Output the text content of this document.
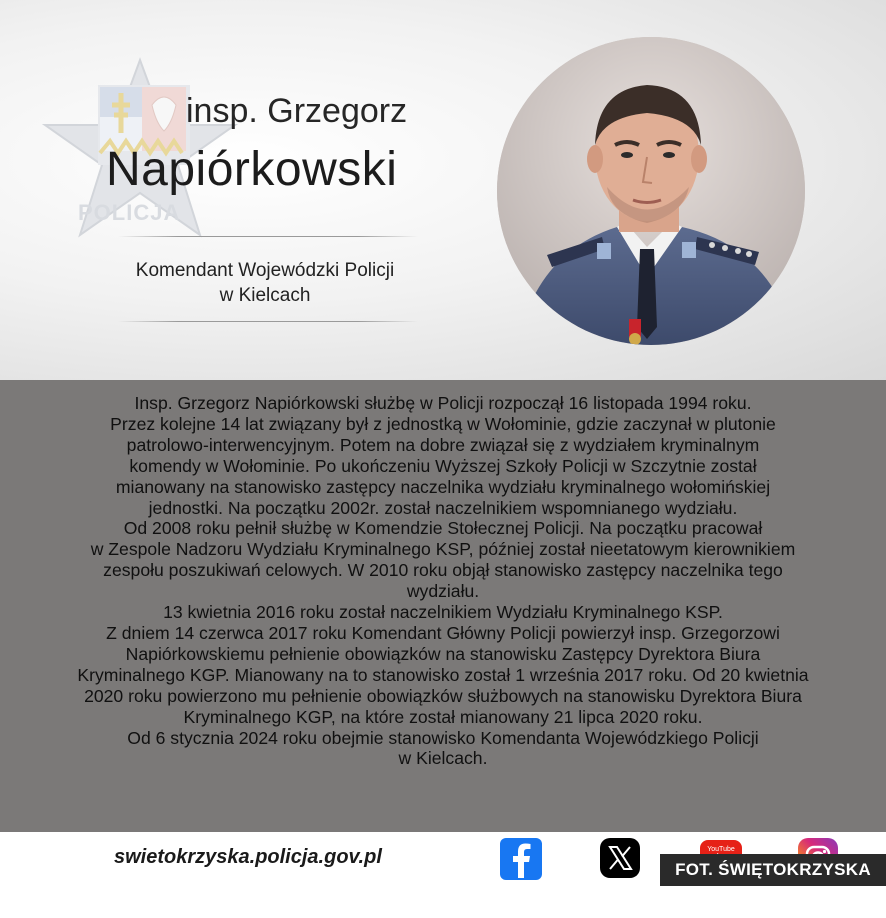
POLICJA
insp. Grzegorz
Napiórkowski
Komendant Wojewódzki Policji
w Kielcach
Insp. Grzegorz Napiórkowski służbę w Policji rozpoczął 16 listopada 1994 roku.
Przez kolejne 14 lat związany był z jednostką w Wołominie, gdzie zaczynał w plutonie
patrolowo-interwencyjnym. Potem na dobre związał się z wydziałem kryminalnym
komendy w Wołominie. Po ukończeniu Wyższej Szkoły Policji w Szczytnie został
mianowany na stanowisko zastępcy naczelnika wydziału kryminalnego wołomińskiej
jednostki. Na początku 2002r. został naczelnikiem wspomnianego wydziału.
Od 2008 roku pełnił służbę w Komendzie Stołecznej Policji. Na początku pracował
w Zespole Nadzoru Wydziału Kryminalnego KSP, później został nieetatowym kierownikiem
zespołu poszukiwań celowych. W 2010 roku objął stanowisko zastępcy naczelnika tego
wydziału.
13 kwietnia 2016 roku został naczelnikiem Wydziału Kryminalnego KSP.
Z dniem 14 czerwca 2017 roku Komendant Główny Policji powierzył insp. Grzegorzowi
Napiórkowskiemu pełnienie obowiązków na stanowisku Zastępcy Dyrektora Biura
Kryminalnego KGP. Mianowany na to stanowisko został 1 września 2017 roku. Od 20 kwietnia
2020 roku powierzono mu pełnienie obowiązków służbowych na stanowisku Dyrektora Biura
Kryminalnego KGP, na które został mianowany 21 lipca 2020 roku.
Od 6 stycznia 2024 roku obejmie stanowisko Komendanta Wojewódzkiego Policji
w Kielcach.
swietokrzyska.policja.gov.pl	YouTube
FOT. ŚWIĘTOKRZYSKA POLICJA
